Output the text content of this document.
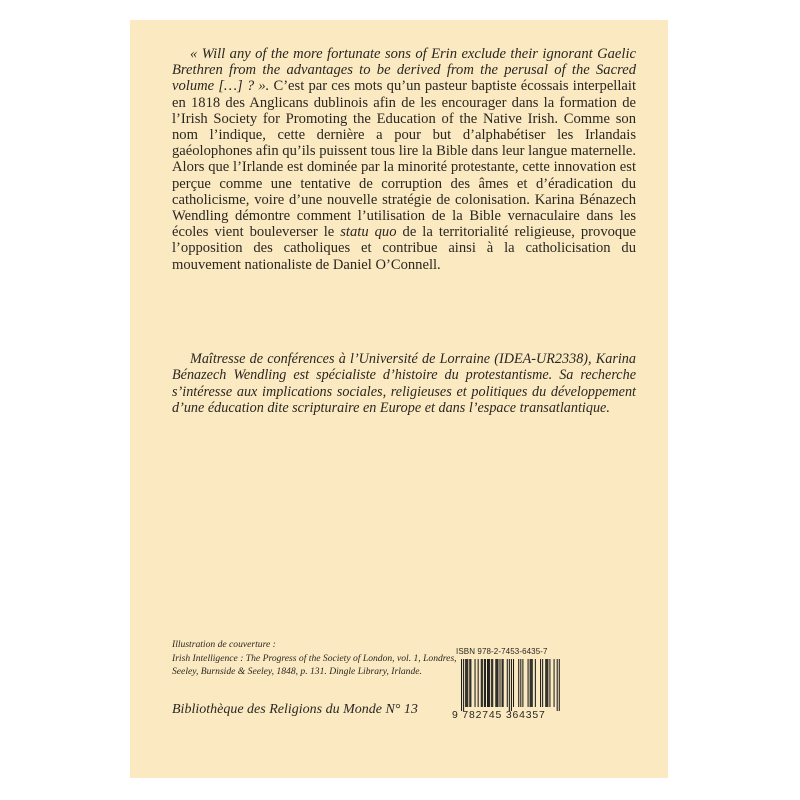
« Will any of the more fortunate sons of Erin exclude their ignorant Gaelic Brethren from the advantages to be derived from the perusal of the Sacred volume […] ? ». C’est par ces mots qu’un pasteur baptiste écossais interpellait en 1818 des Anglicans dublinois afin de les encourager dans la formation de l’Irish Society for Promoting the Education of the Native Irish. Comme son nom l’indique, cette dernière a pour but d’alphabétiser les Irlandais gaéolophones afin qu’ils puissent tous lire la Bible dans leur langue maternelle. Alors que l’Irlande est dominée par la minorité protestante, cette innovation est perçue comme une tentative de corruption des âmes et d’éradication du catholicisme, voire d’une nouvelle stratégie de colonisation. Karina Bénazech Wendling démontre comment l’utilisation de la Bible vernaculaire dans les écoles vient bouleverser le statu quo de la territorialité religieuse, provoque l’opposition des catholiques et contribue ainsi à la catholicisation du mouvement nationaliste de Daniel O’Connell.

Maîtresse de conférences à l’Université de Lorraine (IDEA-UR2338), Karina Bénazech Wendling est spécialiste d’histoire du protestantisme. Sa recherche s’intéresse aux implications sociales, religieuses et politiques du développement d’une éducation dite scripturaire en Europe et dans l’espace transatlantique.

Illustration de couverture :
Irish Intelligence : The Progress of the Society of London, vol. 1, Londres,
Seeley, Burnside & Seeley, 1848, p. 131. Dingle Library, Irlande.

Bibliothèque des Religions du Monde N° 13

ISBN 978-2-7453-6435-7
9 782745 364357
